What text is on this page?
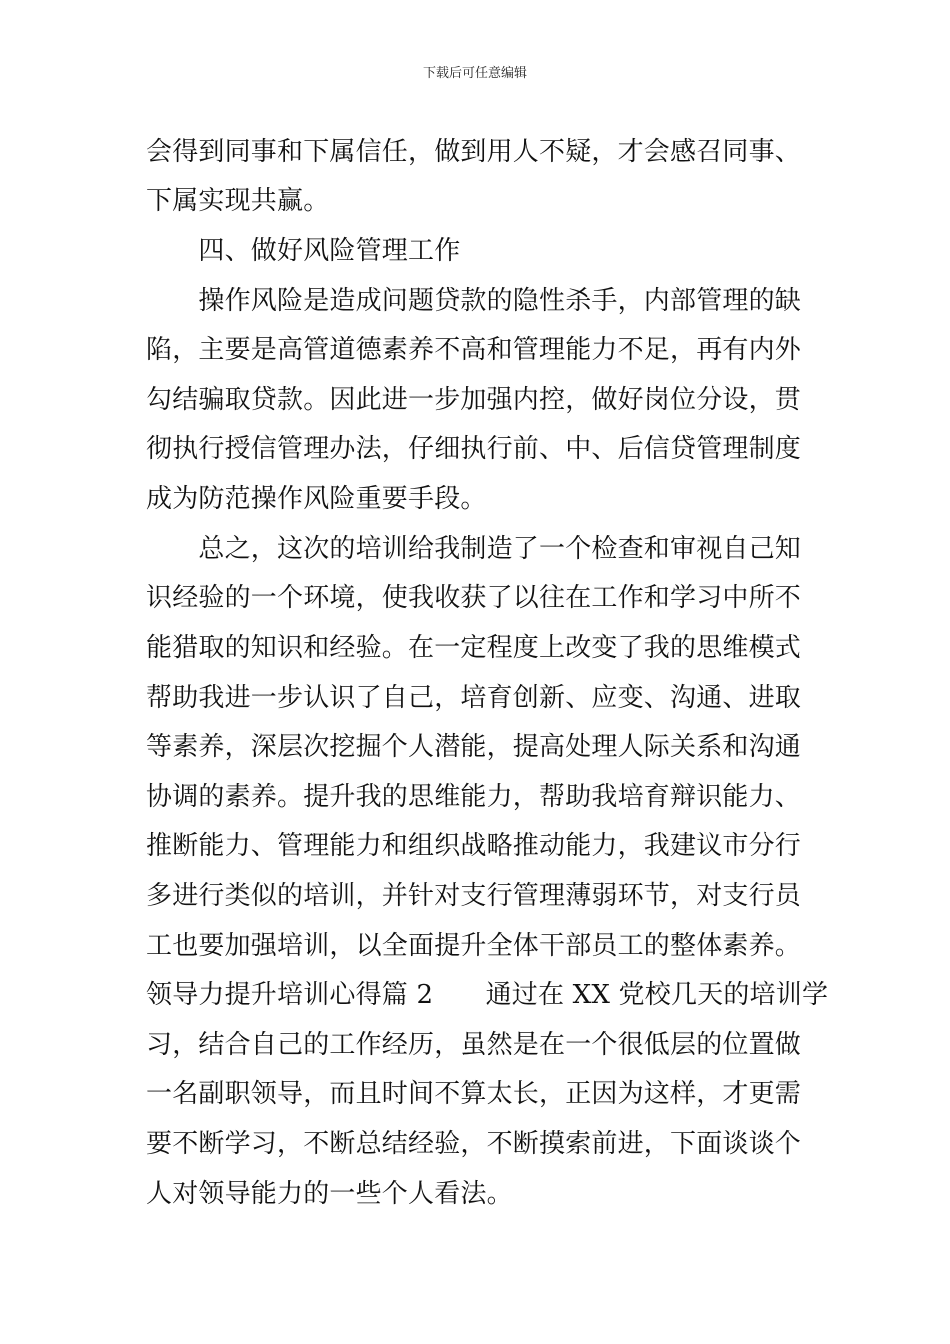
下载后可任意编辑
会得到同事和下属信任，做到用人不疑，才会感召同事、
下属实现共赢。
　　四、做好风险管理工作
　　操作风险是造成问题贷款的隐性杀手，内部管理的缺
陷，主要是高管道德素养不高和管理能力不足，再有内外
勾结骗取贷款。因此进一步加强内控，做好岗位分设，贯
彻执行授信管理办法，仔细执行前、中、后信贷管理制度
成为防范操作风险重要手段。
　　总之，这次的培训给我制造了一个检查和审视自己知
识经验的一个环境，使我收获了以往在工作和学习中所不
能猎取的知识和经验。在一定程度上改变了我的思维模式
帮助我进一步认识了自己，培育创新、应变、沟通、进取
等素养，深层次挖掘个人潜能，提高处理人际关系和沟通
协调的素养。提升我的思维能力，帮助我培育辩识能力、
推断能力、管理能力和组织战略推动能力，我建议市分行
多进行类似的培训，并针对支行管理薄弱环节，对支行员
工也要加强培训，以全面提升全体干部员工的整体素养。
领导力提升培训心得篇 2　　通过在 XX 党校几天的培训学
习，结合自己的工作经历，虽然是在一个很低层的位置做
一名副职领导，而且时间不算太长，正因为这样，才更需
要不断学习，不断总结经验，不断摸索前进，下面谈谈个
人对领导能力的一些个人看法。
